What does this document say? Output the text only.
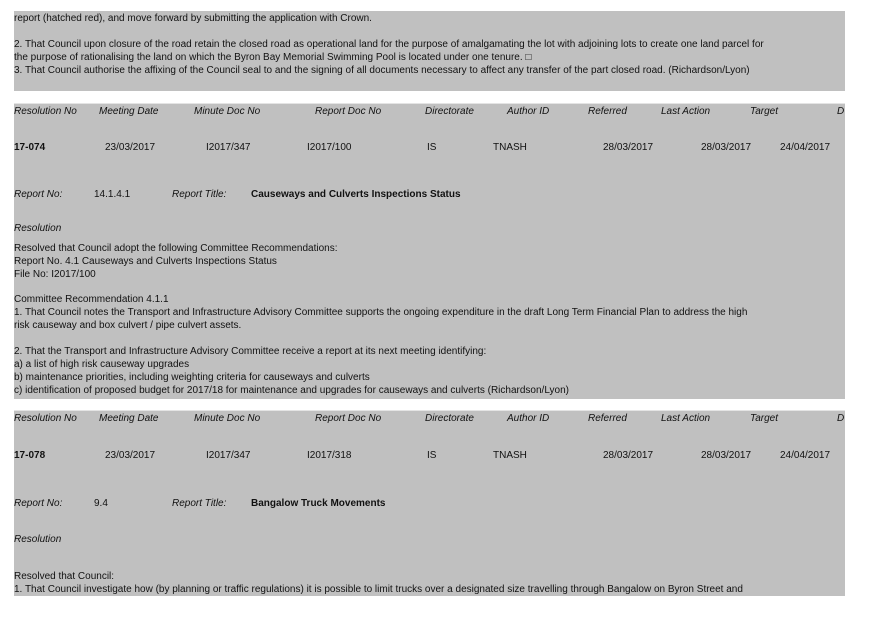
report (hatched red), and move forward by submitting the application with Crown.
2. That Council upon closure of the road retain the closed road as operational land for the purpose of amalgamating the lot with adjoining lots to create one land parcel for
the purpose of rationalising the land on which the Byron Bay Memorial Swimming Pool is located under one tenure. □
3. That Council authorise the affixing of the Council seal to and the signing of all documents necessary to affect any transfer of the part closed road. (Richardson/Lyon)
Resolution No Meeting Date	Minute Doc No	Report Doc No	Directorate	Author ID	Referred	Last Action	Target	D
17-074	23/03/2017	I2017/347	I2017/100	IS	TNASH	28/03/2017	28/03/2017	24/04/2017
Report No:	14.1.4.1	Report Title: Causeways and Culverts Inspections Status
Resolution
Resolved that Council adopt the following Committee Recommendations:
Report No. 4.1 Causeways and Culverts Inspections Status
File No: I2017/100
Committee Recommendation 4.1.1
1. That Council notes the Transport and Infrastructure Advisory Committee supports the ongoing expenditure in the draft Long Term Financial Plan to address the high
risk causeway and box culvert / pipe culvert assets.
2. That the Transport and Infrastructure Advisory Committee receive a report at its next meeting identifying:
a) a list of high risk causeway upgrades
b) maintenance priorities, including weighting criteria for causeways and culverts
c) identification of proposed budget for 2017/18 for maintenance and upgrades for causeways and culverts (Richardson/Lyon)
Resolution No Meeting Date	Minute Doc No	Report Doc No	Directorate	Author ID	Referred	Last Action	Target	D
17-078	23/03/2017	I2017/347	I2017/318	IS	TNASH	28/03/2017	28/03/2017	24/04/2017
Report No:	9.4	Report Title: Bangalow Truck Movements
Resolution
Resolved that Council:
1. That Council investigate how (by planning or traffic regulations) it is possible to limit trucks over a designated size travelling through Bangalow on Byron Street and
